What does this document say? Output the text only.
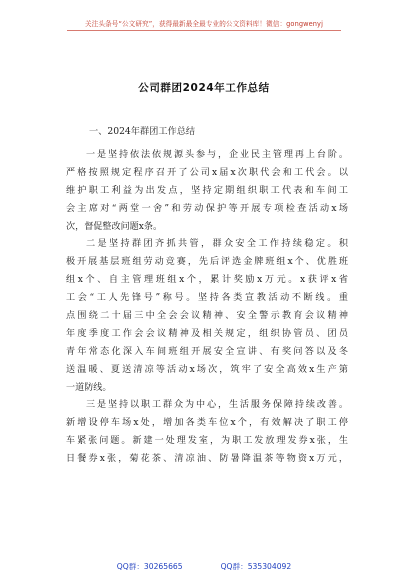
关注头条号“公文研究”，获得最新最全最专业的公文资料库！微信：gongwenyj
公司群团2024年工作总结
一、2024年群团工作总结
一是坚持依法依规源头参与，企业民主管理再上台阶。
严格按照规定程序召开了公司x届x次职代会和工代会。以
维护职工利益为出发点，坚持定期组织职工代表和车间工
会主席对“两堂一舍”和劳动保护等开展专项检查活动x场
次，督促整改问题x条。
二是坚持群团齐抓共管，群众安全工作持续稳定。积
极开展基层班组劳动竞赛，先后评选金牌班组x个、优胜班
组x个、自主管理班组x个，累计奖励x万元。x获评x省
工会“工人先锋号”称号。坚持各类宣教活动不断线。重
点围绕二十届三中全会会议精神、安全警示教育会议精神
年度季度工作会会议精神及相关规定，组织协管员、团员
青年常态化深入车间班组开展安全宣讲、有奖问答以及冬
送温暖、夏送清凉等活动x场次，筑牢了安全高效x生产第
一道防线。
三是坚持以职工群众为中心，生活服务保障持续改善。
新增设停车场x处，增加各类车位x个，有效解决了职工停
车紧张问题。新建一处理发室，为职工发放理发券x张，生
日餐券x张，菊花茶、清凉油、防暑降温茶等物资x万元，
QQ群：30265665	QQ群：535304092
